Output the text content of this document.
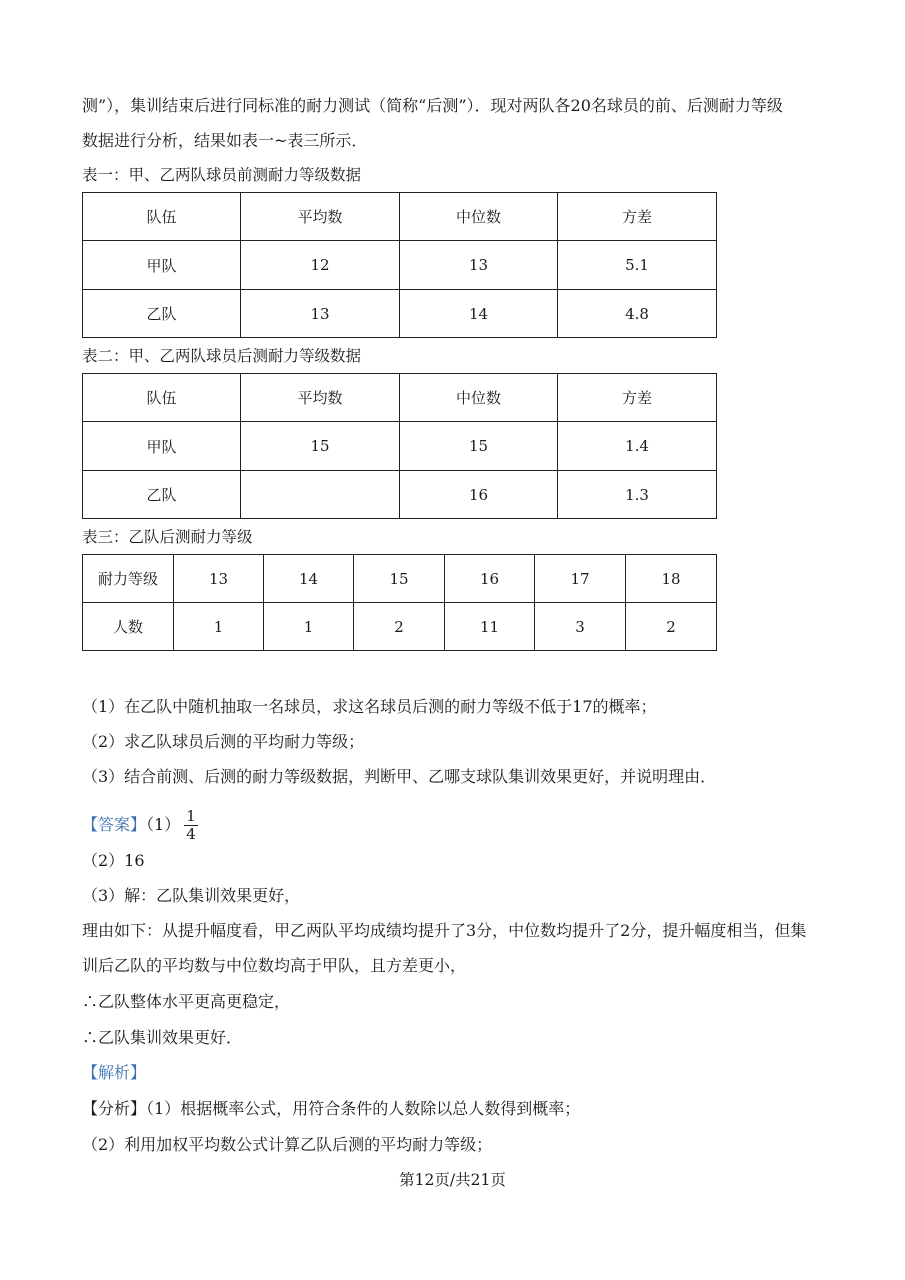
测”），集训结束后进行同标准的耐力测试（简称“后测”）．现对两队各20名球员的前、后测耐力等级
数据进行分析，结果如表一~表三所示．
表一：甲、乙两队球员前测耐力等级数据
队伍	平均数	中位数	方差
甲队	12	13	5.1
乙队	13	14	4.8
表二：甲、乙两队球员后测耐力等级数据
队伍	平均数	中位数	方差
甲队	15	15	1.4
乙队		16	1.3
表三：乙队后测耐力等级
耐力等级	13	14	15	16	17	18
人数	1	1	2	11	3	2
（1）在乙队中随机抽取一名球员，求这名球员后测的耐力等级不低于17的概率；
（2）求乙队球员后测的平均耐力等级；
（3）结合前测、后测的耐力等级数据，判断甲、乙哪支球队集训效果更好，并说明理由．
【答案】$(1) \frac{1}{4}$
（2）16
（3）解：乙队集训效果更好，
理由如下：从提升幅度看，甲乙两队平均成绩均提升了3分，中位数均提升了2分，提升幅度相当，但集
训后乙队的平均数与中位数均高于甲队，且方差更小，
∴乙队整体水平更高更稳定，
∴乙队集训效果更好．
【解析】
【分析】（1）根据概率公式，用符合条件的人数除以总人数得到概率；
（2）利用加权平均数公式计算乙队后测的平均耐力等级；
第12页/共21页
